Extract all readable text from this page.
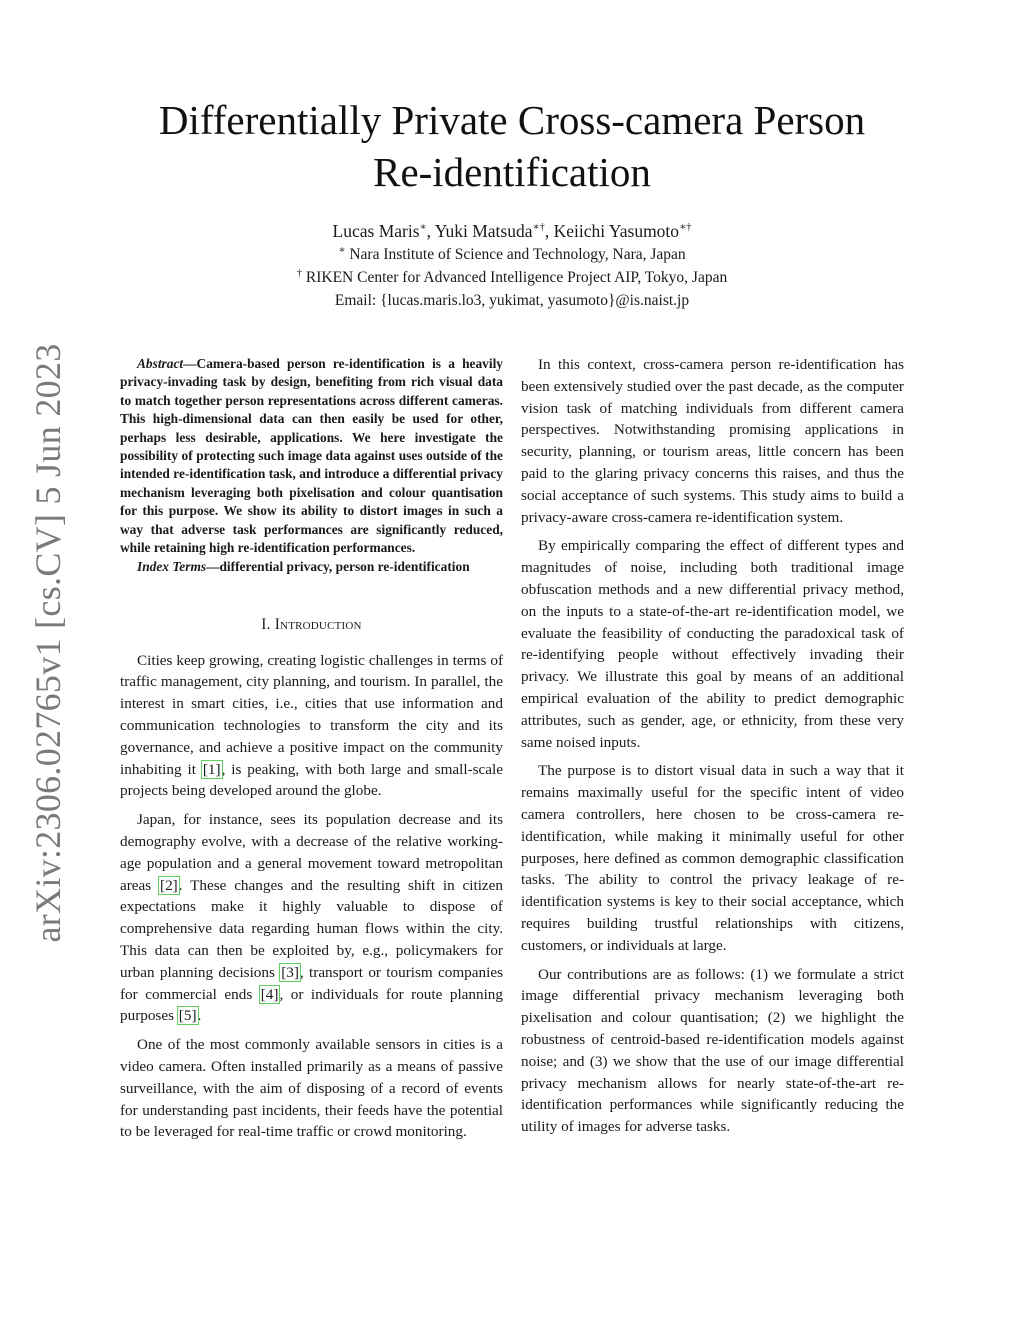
arXiv:2306.02765v1 [cs.CV] 5 Jun 2023
Differentially Private Cross-camera Person Re-identification
Lucas Maris∗, Yuki Matsuda∗†, Keiichi Yasumoto∗†
∗ Nara Institute of Science and Technology, Nara, Japan
† RIKEN Center for Advanced Intelligence Project AIP, Tokyo, Japan
Email: {lucas.maris.lo3, yukimat, yasumoto}@is.naist.jp

Abstract—Camera-based person re-identification is a heavily privacy-invading task by design, benefiting from rich visual data to match together person representations across different cameras. This high-dimensional data can then easily be used for other, perhaps less desirable, applications. We here investigate the possibility of protecting such image data against uses outside of the intended re-identification task, and introduce a differential privacy mechanism leveraging both pixelisation and colour quantisation for this purpose. We show its ability to distort images in such a way that adverse task performances are significantly reduced, while retaining high re-identification performances.

Index Terms—differential privacy, person re-identification

I. Introduction

Cities keep growing, creating logistic challenges in terms of traffic management, city planning, and tourism. In parallel, the interest in smart cities, i.e., cities that use information and communication technologies to transform the city and its governance, and achieve a positive impact on the community inhabiting it [1], is peaking, with both large and small-scale projects being developed around the globe.

Japan, for instance, sees its population decrease and its demography evolve, with a decrease of the relative working-age population and a general movement toward metropolitan areas [2]. These changes and the resulting shift in citizen expectations make it highly valuable to dispose of comprehensive data regarding human flows within the city. This data can then be exploited by, e.g., policymakers for urban planning decisions [3], transport or tourism companies for commercial ends [4], or individuals for route planning purposes [5].

One of the most commonly available sensors in cities is a video camera. Often installed primarily as a means of passive surveillance, with the aim of disposing of a record of events for understanding past incidents, their feeds have the potential to be leveraged for real-time traffic or crowd monitoring.

In this context, cross-camera person re-identification has been extensively studied over the past decade, as the computer vision task of matching individuals from different camera perspectives. Notwithstanding promising applications in security, planning, or tourism areas, little concern has been paid to the glaring privacy concerns this raises, and thus the social acceptance of such systems. This study aims to build a privacy-aware cross-camera re-identification system.

By empirically comparing the effect of different types and magnitudes of noise, including both traditional image obfuscation methods and a new differential privacy method, on the inputs to a state-of-the-art re-identification model, we evaluate the feasibility of conducting the paradoxical task of re-identifying people without effectively invading their privacy. We illustrate this goal by means of an additional empirical evaluation of the ability to predict demographic attributes, such as gender, age, or ethnicity, from these very same noised inputs.

The purpose is to distort visual data in such a way that it remains maximally useful for the specific intent of video camera controllers, here chosen to be cross-camera re-identification, while making it minimally useful for other purposes, here defined as common demographic classification tasks. The ability to control the privacy leakage of re-identification systems is key to their social acceptance, which requires building trustful relationships with citizens, customers, or individuals at large.

Our contributions are as follows: (1) we formulate a strict image differential privacy mechanism leveraging both pixelisation and colour quantisation; (2) we highlight the robustness of centroid-based re-identification models against noise; and (3) we show that the use of our image differential privacy mechanism allows for nearly state-of-the-art re-identification performances while significantly reducing the utility of images for adverse tasks.
